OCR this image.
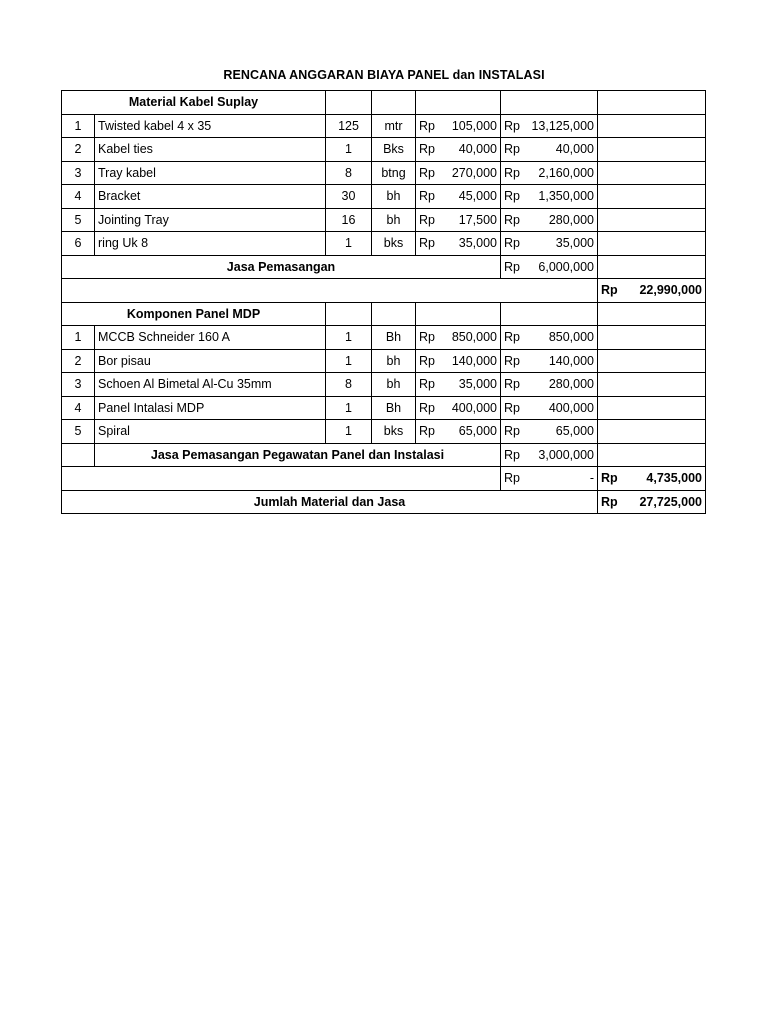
RENCANA ANGGARAN BIAYA PANEL dan INSTALASI
Material Kabel Suplay						
1	Twisted kabel 4 x 35	125	mtr	Rp 105,000	Rp 13,125,000	

2	Kabel ties	1	Bks	Rp 40,000	Rp 40,000	

3	Tray kabel	8	btng	Rp 270,000	Rp 2,160,000	

4	Bracket	30	bh	Rp 45,000	Rp 1,350,000	

5	Jointing Tray	16	bh	Rp 17,500	Rp 280,000	

6	ring Uk 8	1	bks	Rp 35,000	Rp 35,000	

Jasa Pemasangan					Rp 6,000,000	

						Rp 22,990,000

Komponen Panel MDP						
1	MCCB Schneider 160 A	1	Bh	Rp 850,000	Rp 850,000	

2	Bor pisau	1	bh	Rp 140,000	Rp 140,000	

3	Schoen Al Bimetal Al-Cu 35mm	8	bh	Rp 35,000	Rp 280,000	

4	Panel Intalasi MDP	1	Bh	Rp 400,000	Rp 400,000	

5	Spiral	1	bks	Rp 65,000	Rp 65,000	

	Jasa Pemasangan Pegawatan Panel dan Instalasi				Rp 3,000,000	

					Rp -	Rp 4,735,000

Jumlah Material dan Jasa						Rp 27,725,000
